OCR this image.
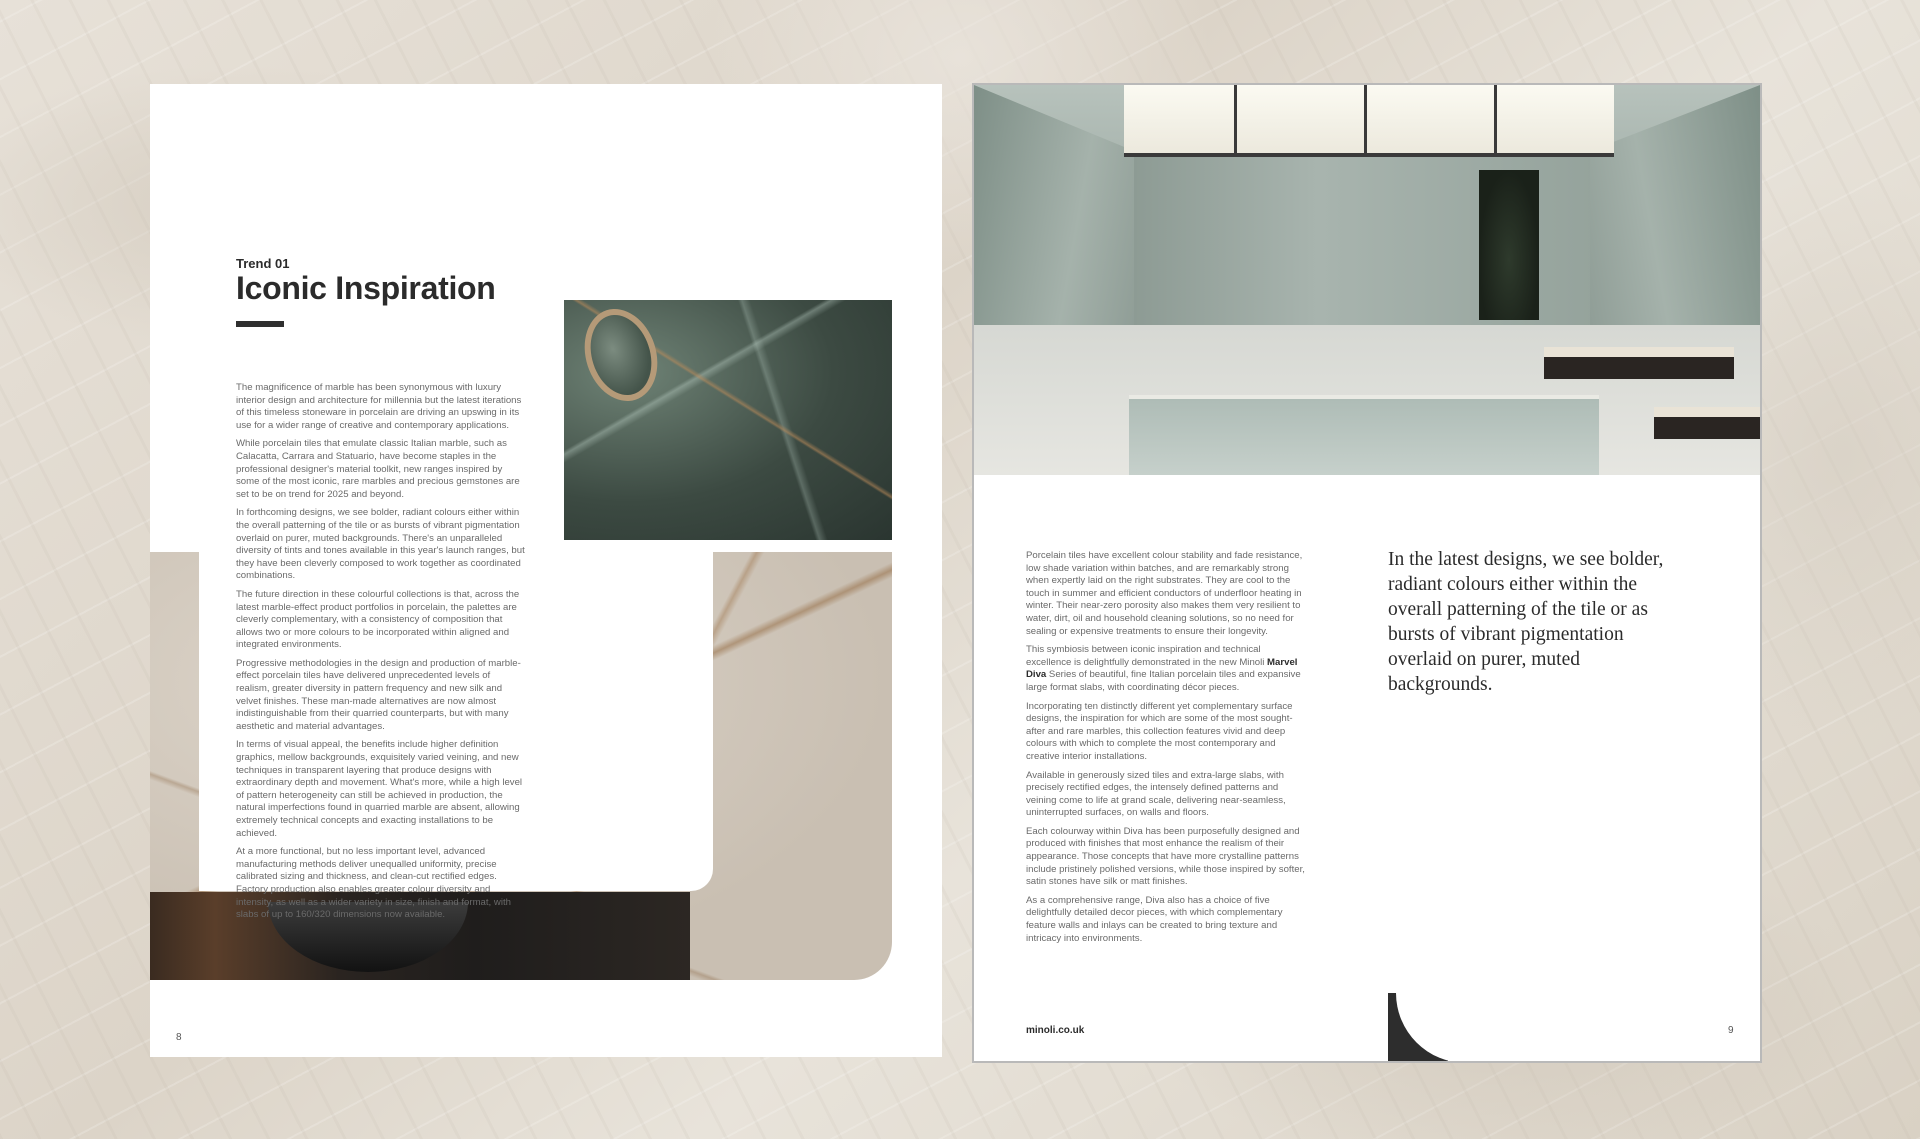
Trend 01
Iconic Inspiration

The magnificence of marble has been synonymous with luxury interior design and architecture for millennia but the latest iterations of this timeless stoneware in porcelain are driving an upswing in its use for a wider range of creative and contemporary applications.

While porcelain tiles that emulate classic Italian marble, such as Calacatta, Carrara and Statuario, have become staples in the professional designer's material toolkit, new ranges inspired by some of the most iconic, rare marbles and precious gemstones are set to be on trend for 2025 and beyond.

In forthcoming designs, we see bolder, radiant colours either within the overall patterning of the tile or as bursts of vibrant pigmentation overlaid on purer, muted backgrounds. There's an unparalleled diversity of tints and tones available in this year's launch ranges, but they have been cleverly composed to work together as coordinated combinations.

The future direction in these colourful collections is that, across the latest marble-effect product portfolios in porcelain, the palettes are cleverly complementary, with a consistency of composition that allows two or more colours to be incorporated within aligned and integrated environments.

Progressive methodologies in the design and production of marble-effect porcelain tiles have delivered unprecedented levels of realism, greater diversity in pattern frequency and new silk and velvet finishes. These man-made alternatives are now almost indistinguishable from their quarried counterparts, but with many aesthetic and material advantages.

In terms of visual appeal, the benefits include higher definition graphics, mellow backgrounds, exquisitely varied veining, and new techniques in transparent layering that produce designs with extraordinary depth and movement. What's more, while a high level of pattern heterogeneity can still be achieved in production, the natural imperfections found in quarried marble are absent, allowing extremely technical concepts and exacting installations to be achieved.

At a more functional, but no less important level, advanced manufacturing methods deliver unequalled uniformity, precise calibrated sizing and thickness, and clean-cut rectified edges. Factory production also enables greater colour diversity and intensity, as well as a wider variety in size, finish and format, with slabs of up to 160/320 dimensions now available.

8

Porcelain tiles have excellent colour stability and fade resistance, low shade variation within batches, and are remarkably strong when expertly laid on the right substrates. They are cool to the touch in summer and efficient conductors of underfloor heating in winter. Their near-zero porosity also makes them very resilient to water, dirt, oil and household cleaning solutions, so no need for sealing or expensive treatments to ensure their longevity.

This symbiosis between iconic inspiration and technical excellence is delightfully demonstrated in the new Minoli Marvel Diva Series of beautiful, fine Italian porcelain tiles and expansive large format slabs, with coordinating décor pieces.

Incorporating ten distinctly different yet complementary surface designs, the inspiration for which are some of the most sought-after and rare marbles, this collection features vivid and deep colours with which to complete the most contemporary and creative interior installations.

Available in generously sized tiles and extra-large slabs, with precisely rectified edges, the intensely defined patterns and veining come to life at grand scale, delivering near-seamless, uninterrupted surfaces, on walls and floors.

Each colourway within Diva has been purposefully designed and produced with finishes that most enhance the realism of their appearance. Those concepts that have more crystalline patterns include pristinely polished versions, while those inspired by softer, satin stones have silk or matt finishes.

As a comprehensive range, Diva also has a choice of five delightfully detailed decor pieces, with which complementary feature walls and inlays can be created to bring texture and intricacy into environments.

In the latest designs, we see bolder, radiant colours either within the overall patterning of the tile or as bursts of vibrant pigmentation overlaid on purer, muted backgrounds.

minoli.co.uk	9
